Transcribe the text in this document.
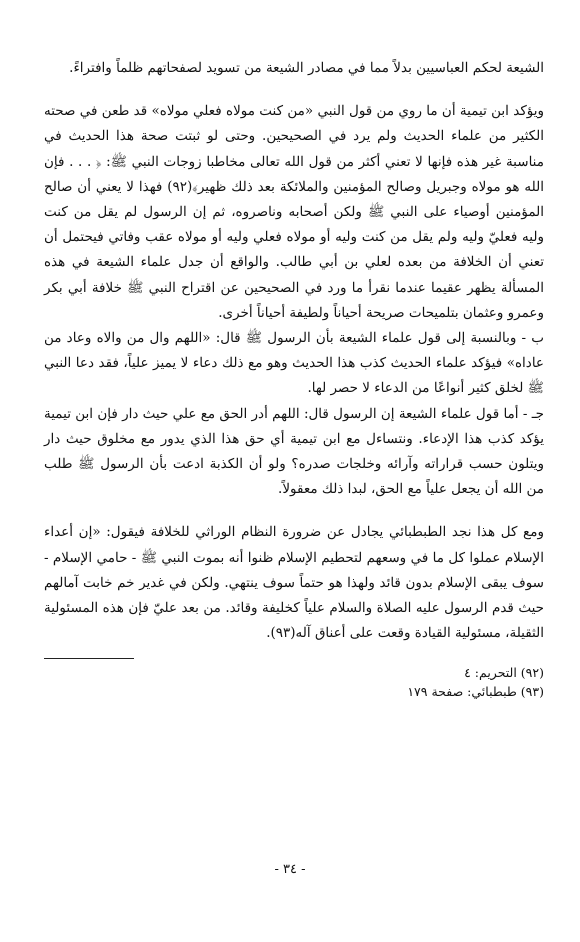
الشيعة لحكم العباسيين بدلاً مما في مصادر الشيعة من تسويد لصفحاتهم ظلماً وافتراءً.

ويؤكد ابن تيمية أن ما روي من قول النبي «من كنت مولاه فعلي مولاه» قد طعن في صحته الكثير من علماء الحديث ولم يرد في الصحيحين. وحتى لو ثبتت صحة هذا الحديث في مناسبة غير هذه فإنها لا تعني أكثر من قول الله تعالى مخاطبا زوجات النبي ﷺ: ﴿ . . . فإن الله هو مولاه وجبريل وصالح المؤمنين والملائكة بعد ذلك ظهير﴾(٩٢) فهذا لا يعني أن صالح المؤمنين أوصياء على النبي ﷺ ولكن أصحابه وناصروه، ثم إن الرسول لم يقل من كنت وليه فعليّ وليه ولم يقل من كنت وليه أو مولاه فعلي وليه أو مولاه عقب وفاتي فيحتمل أن تعني أن الخلافة من بعده لعلي بن أبي طالب. والواقع أن جدل علماء الشيعة في هذه المسألة يظهر عقيما عندما نقرأ ما ورد في الصحيحين عن اقتراح النبي ﷺ خلافة أبي بكر وعمرو وعثمان بتلميحات صريحة أحياناً ولطيفة أحياناً أخرى.

ب - وبالنسبة إلى قول علماء الشيعة بأن الرسول ﷺ قال: «اللهم وال من والاه وعاد من عاداه» فيؤكد علماء الحديث كذب هذا الحديث وهو مع ذلك دعاء لا يميز علياً، فقد دعا النبي ﷺ لخلق كثير أنواعًا من الدعاء لا حصر لها.

جـ - أما قول علماء الشيعة إن الرسول قال: اللهم أدر الحق مع علي حيث دار فإن ابن تيمية يؤكد كذب هذا الإدعاء. ونتساءل مع ابن تيمية أي حق هذا الذي يدور مع مخلوق حيث دار ويتلون حسب قراراته وآرائه وخلجات صدره؟ ولو أن الكذبة ادعت بأن الرسول ﷺ طلب من الله أن يجعل علياً مع الحق، لبدا ذلك معقولاً.

ومع كل هذا نجد الطبطبائي يجادل عن ضرورة النظام الوراثي للخلافة فيقول: «إن أعداء الإسلام عملوا كل ما في وسعهم لتحطيم الإسلام ظنوا أنه بموت النبي ﷺ - حامي الإسلام - سوف يبقى الإسلام بدون قائد ولهذا هو حتماً سوف ينتهي. ولكن في غدير خم خابت آمالهم حيث قدم الرسول عليه الصلاة والسلام علياً كخليفة وقائد. من بعد عليّ فإن هذه المسئولية الثقيلة، مسئولية القيادة وقعت على أعناق آله(٩٣).

(٩٢) التحريم: ٤
(٩٣) طبطبائي: صفحة ١٧٩
- ٣٤ -
